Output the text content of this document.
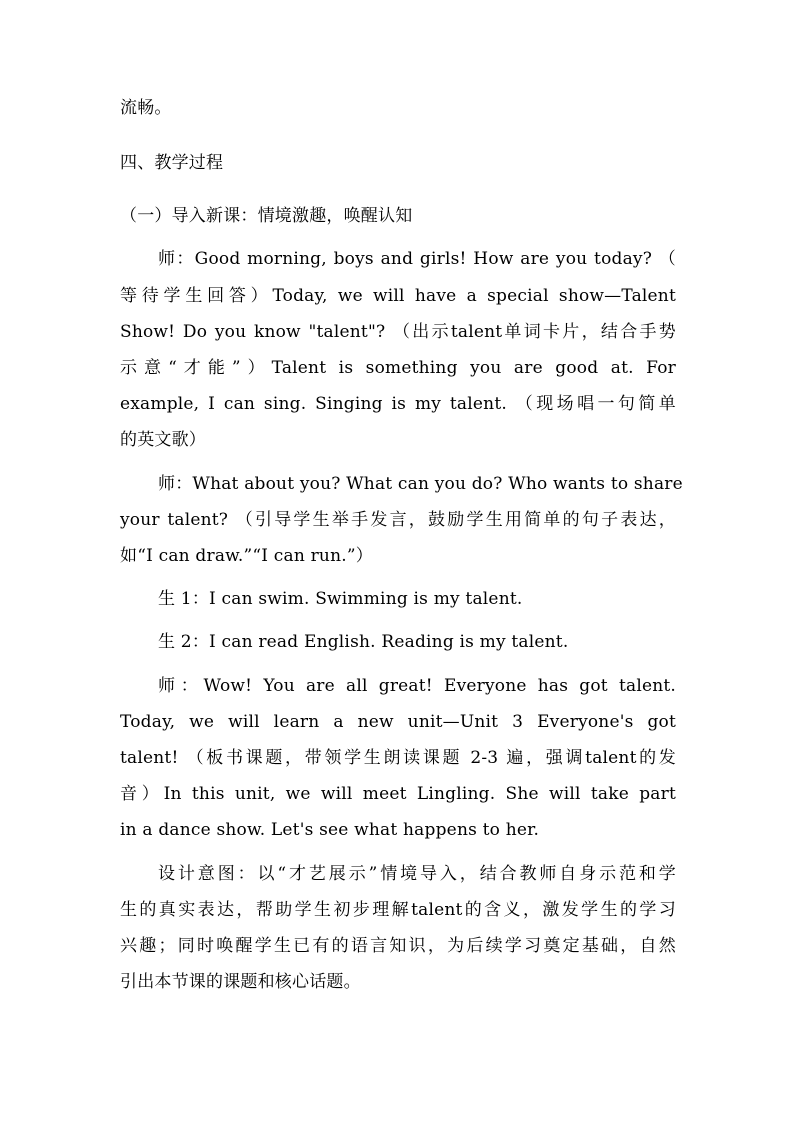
流畅。
四、教学过程
（一）导入新课：情境激趣，唤醒认知
师：Good morning, boys and girls! How are you today? （
等待学生回答）Today, we will have a special show—Talent
Show! Do you know "talent"? （出示talent单词卡片，结合手势
示意“才能”）Talent is something you are good at. For
example, I can sing. Singing is my talent. （现场唱一句简单
的英文歌）
师：What about you? What can you do? Who wants to share
your talent? （引导学生举手发言，鼓励学生用简单的句子表达，
如“I can draw.”“I can run.”）
生 1：I can swim. Swimming is my talent.
生 2：I can read English. Reading is my talent.
师：Wow! You are all great! Everyone has got talent.
Today, we will learn a new unit—Unit 3 Everyone's got
talent! （板书课题，带领学生朗读课题 2-3 遍，强调talent的发
音）In this unit, we will meet Lingling. She will take part
in a dance show. Let's see what happens to her.
设计意图：以“才艺展示”情境导入，结合教师自身示范和学
生的真实表达，帮助学生初步理解talent的含义，激发学生的学习
兴趣；同时唤醒学生已有的语言知识，为后续学习奠定基础，自然
引出本节课的课题和核心话题。
